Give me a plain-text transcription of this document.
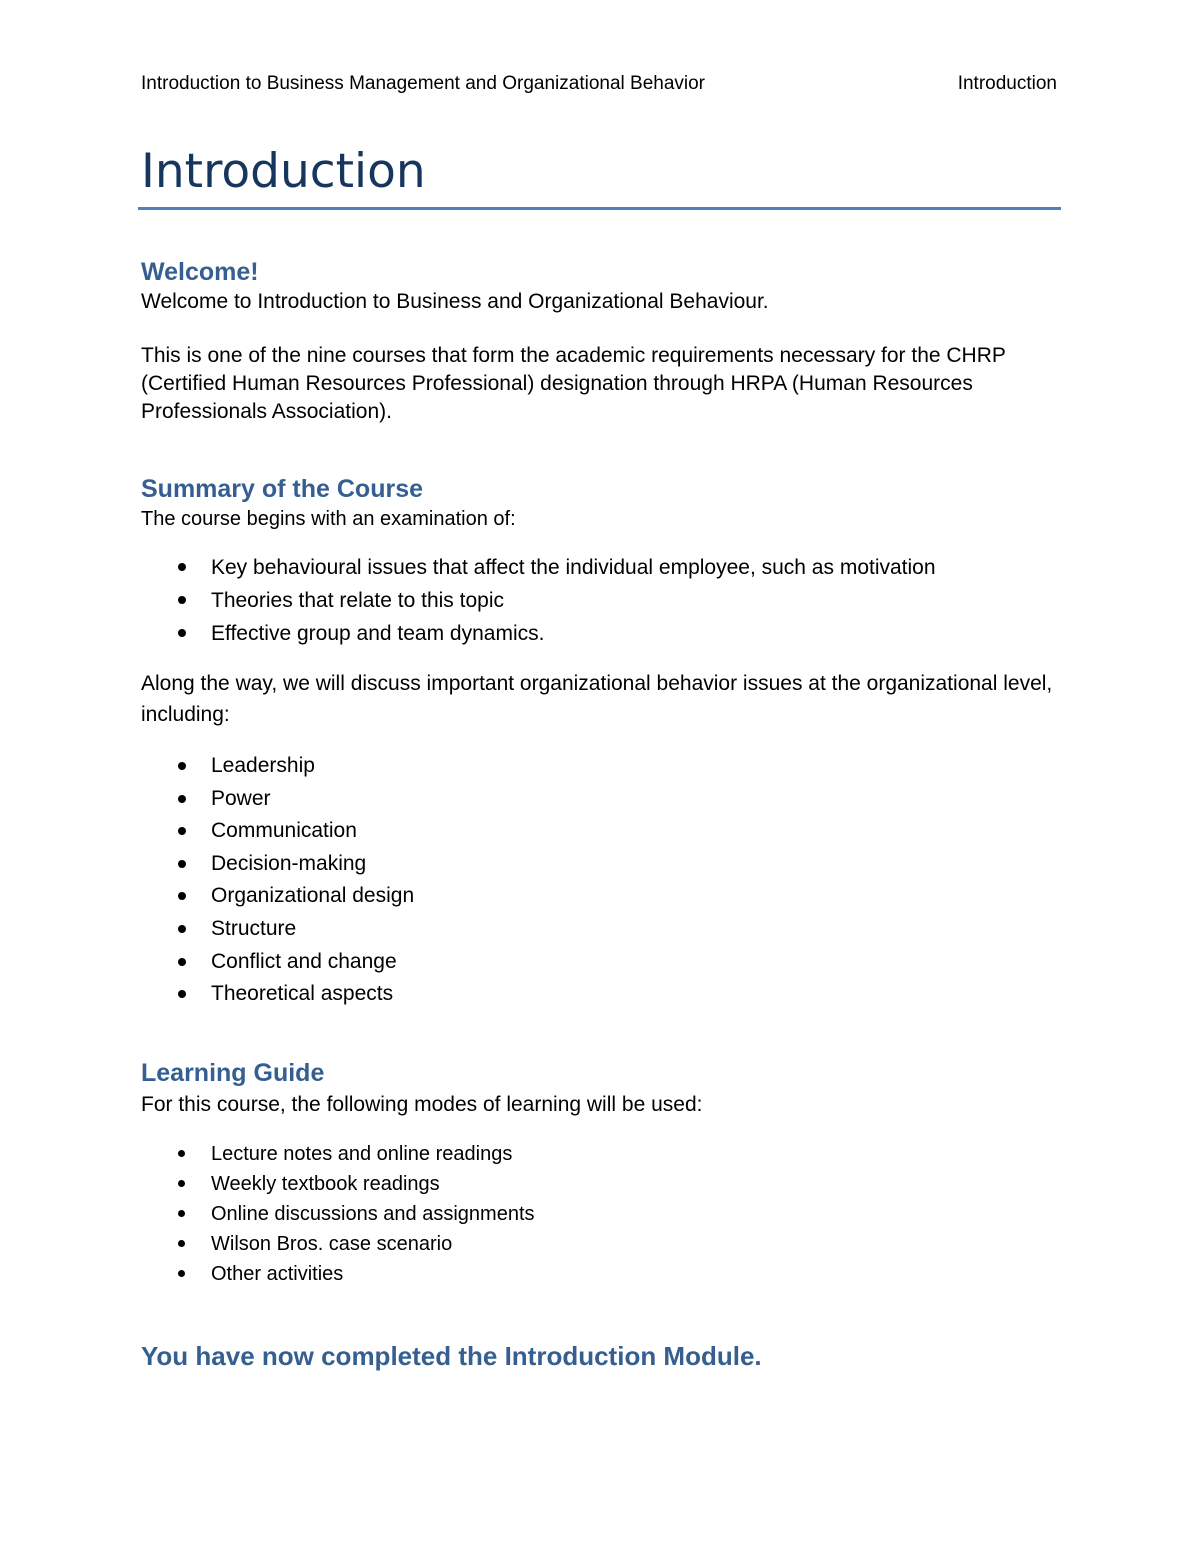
Introduction to Business Management and Organizational Behavior	Introduction
Introduction
Welcome!

Welcome to Introduction to Business and Organizational Behaviour.

This is one of the nine courses that form the academic requirements necessary for the CHRP (Certified Human Resources Professional) designation through HRPA (Human Resources Professionals Association).

Summary of the Course

The course begins with an examination of:

Key behavioural issues that affect the individual employee, such as motivation
Theories that relate to this topic
Effective group and team dynamics.

Along the way, we will discuss important organizational behavior issues at the organizational level, including:

Leadership
Power
Communication
Decision-making
Organizational design
Structure
Conflict and change
Theoretical aspects
Learning Guide

For this course, the following modes of learning will be used:

Lecture notes and online readings
Weekly textbook readings
Online discussions and assignments
Wilson Bros. case scenario
Other activities

You have now completed the Introduction Module.
